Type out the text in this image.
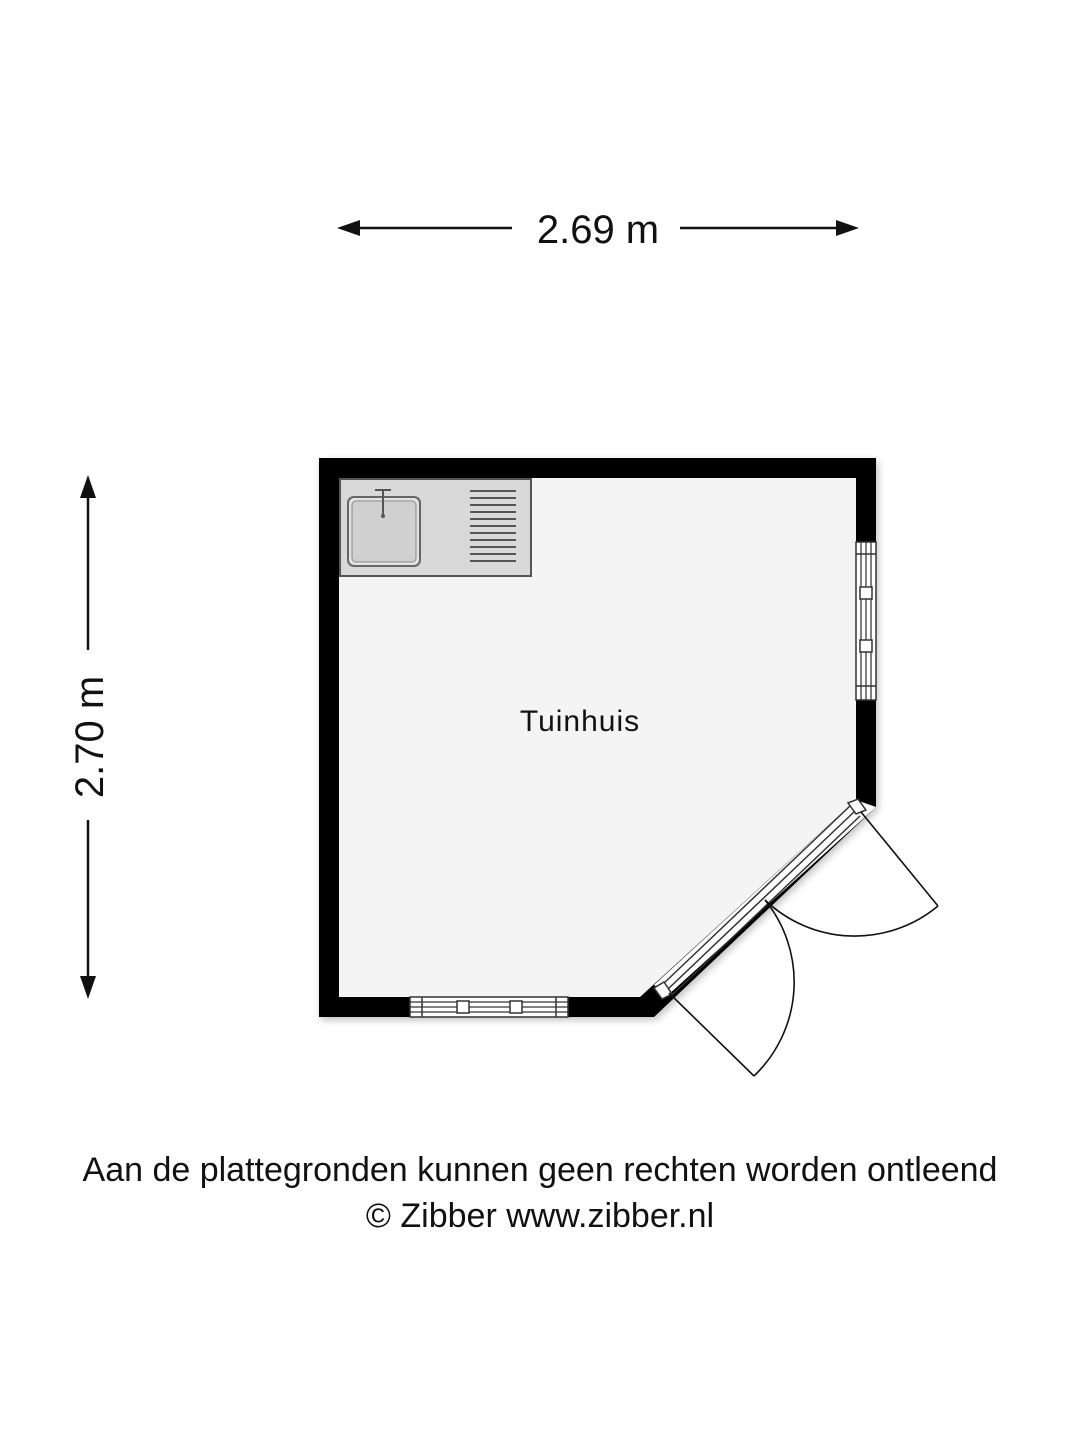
2.69 m
2.70 m	Tuinhuis
Aan de plattegronden kunnen geen rechten worden ontleend
© Zibber www.zibber.nl
